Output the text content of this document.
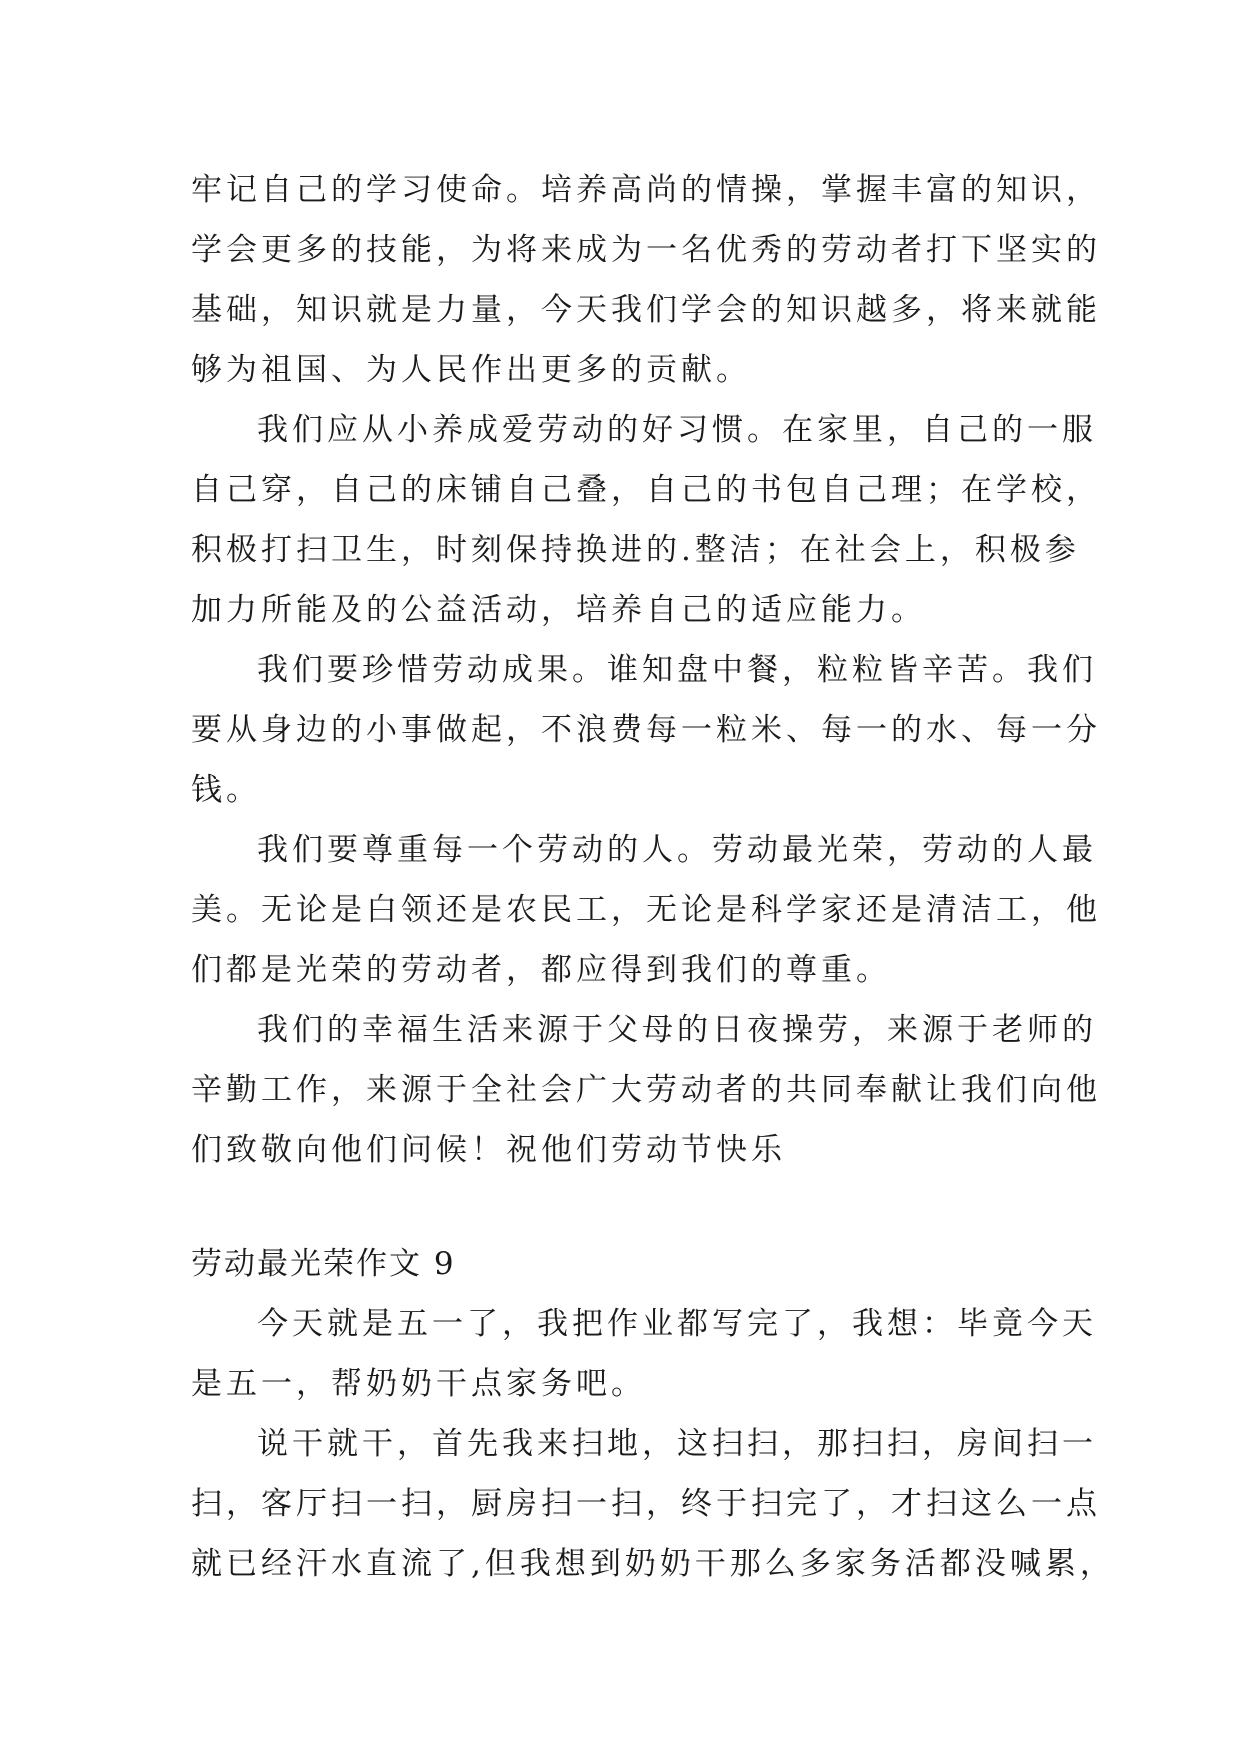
牢 记 自 己 的 学 习 使 命 。 培 养 高 尚 的 情 操 ， 掌 握 丰 富 的 知 识 ，
学 会 更 多 的 技 能 ， 为 将 来 成 为 一 名 优 秀 的 劳 动 者 打 下 坚 实 的
基 础 ， 知 识 就 是 力 量 ， 今 天 我 们 学 会 的 知 识 越 多 ， 将 来 就 能
够为祖国、为人民作出更多的贡献。
我 们 应 从 小 养 成 爱 劳 动 的 好 习 惯 。 在 家 里 ， 自 己 的 一 服
自 己 穿 ， 自 己 的 床 铺 自 己 叠 ， 自 己 的 书 包 自 己 理 ； 在 学 校 ，
积 极 打 扫 卫 生 ， 时 刻 保 持 换 进 的 . 整 洁 ； 在 社 会 上 ， 积 极 参
加力所能及的公益活动，培养自己的适应能力。
我 们 要 珍 惜 劳 动 成 果 。 谁 知 盘 中 餐 ， 粒 粒 皆 辛 苦 。 我 们
要 从 身 边 的 小 事 做 起 ， 不 浪 费 每 一 粒 米 、 每 一 的 水 、 每 一 分
钱。
我 们 要 尊 重 每 一 个 劳 动 的 人 。 劳 动 最 光 荣 ， 劳 动 的 人 最
美 。 无 论 是 白 领 还 是 农 民 工 ， 无 论 是 科 学 家 还 是 清 洁 工 ， 他
们都是光荣的劳动者，都应得到我们的尊重。
我 们 的 幸 福 生 活 来 源 于 父 母 的 日 夜 操 劳 ， 来 源 于 老 师 的
辛 勤 工 作 ， 来 源 于 全 社 会 广 大 劳 动 者 的 共 同 奉 献 让 我 们 向 他
们致敬向他们问候！祝他们劳动节快乐
劳动最光荣作文 9
今 天 就 是 五 一 了 ， 我 把 作 业 都 写 完 了 ， 我 想 ： 毕 竟 今 天
是五一，帮奶奶干点家务吧。
说 干 就 干 ， 首 先 我 来 扫 地 ， 这 扫 扫 ， 那 扫 扫 ， 房 间 扫 一
扫 ， 客 厅 扫 一 扫 ， 厨 房 扫 一 扫 ， 终 于 扫 完 了 ， 才 扫 这 么 一 点
就已经汗水直流了,但我想到奶奶干那么多家务活都没喊累，
